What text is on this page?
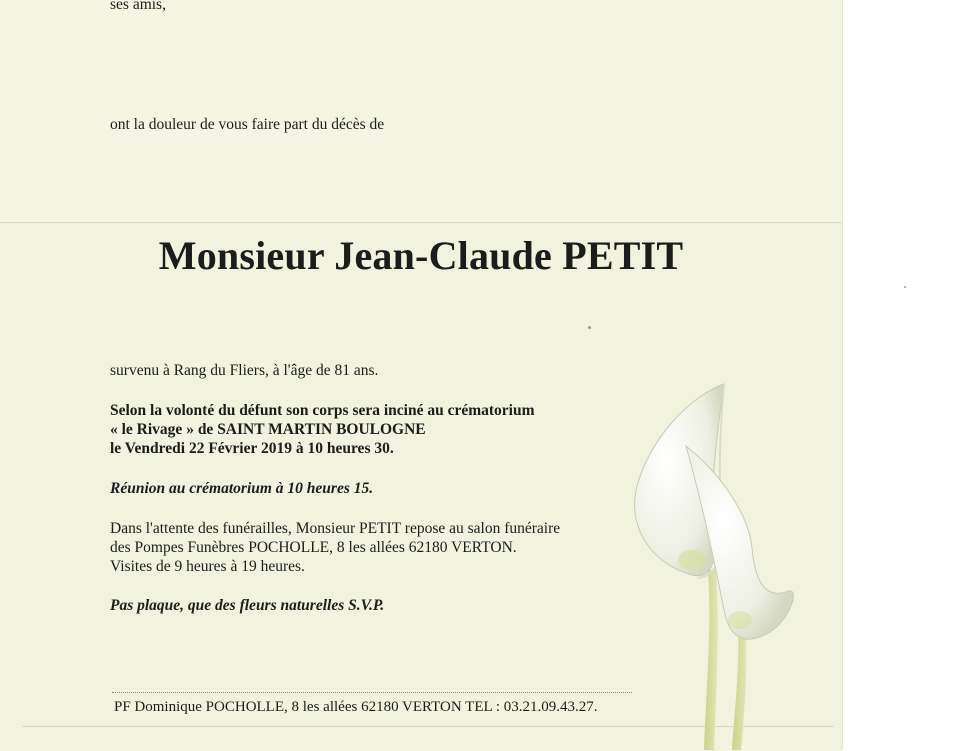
ses amis,
ont la douleur de vous faire part du décès de
Monsieur Jean-Claude PETIT
survenu à Rang du Fliers, à l'âge de 81 ans.
Selon la volonté du défunt son corps sera inciné au crématorium
« le Rivage » de SAINT MARTIN BOULOGNE
le Vendredi 22 Février 2019 à 10 heures 30.
Réunion au crématorium à 10 heures 15.
Dans l'attente des funérailles, Monsieur PETIT repose au salon funéraire
des Pompes Funèbres POCHOLLE, 8 les allées 62180 VERTON.
Visites de 9 heures à 19 heures.
Pas plaque, que des fleurs naturelles S.V.P.
PF Dominique POCHOLLE, 8 les allées 62180 VERTON TEL : 03.21.09.43.27.
